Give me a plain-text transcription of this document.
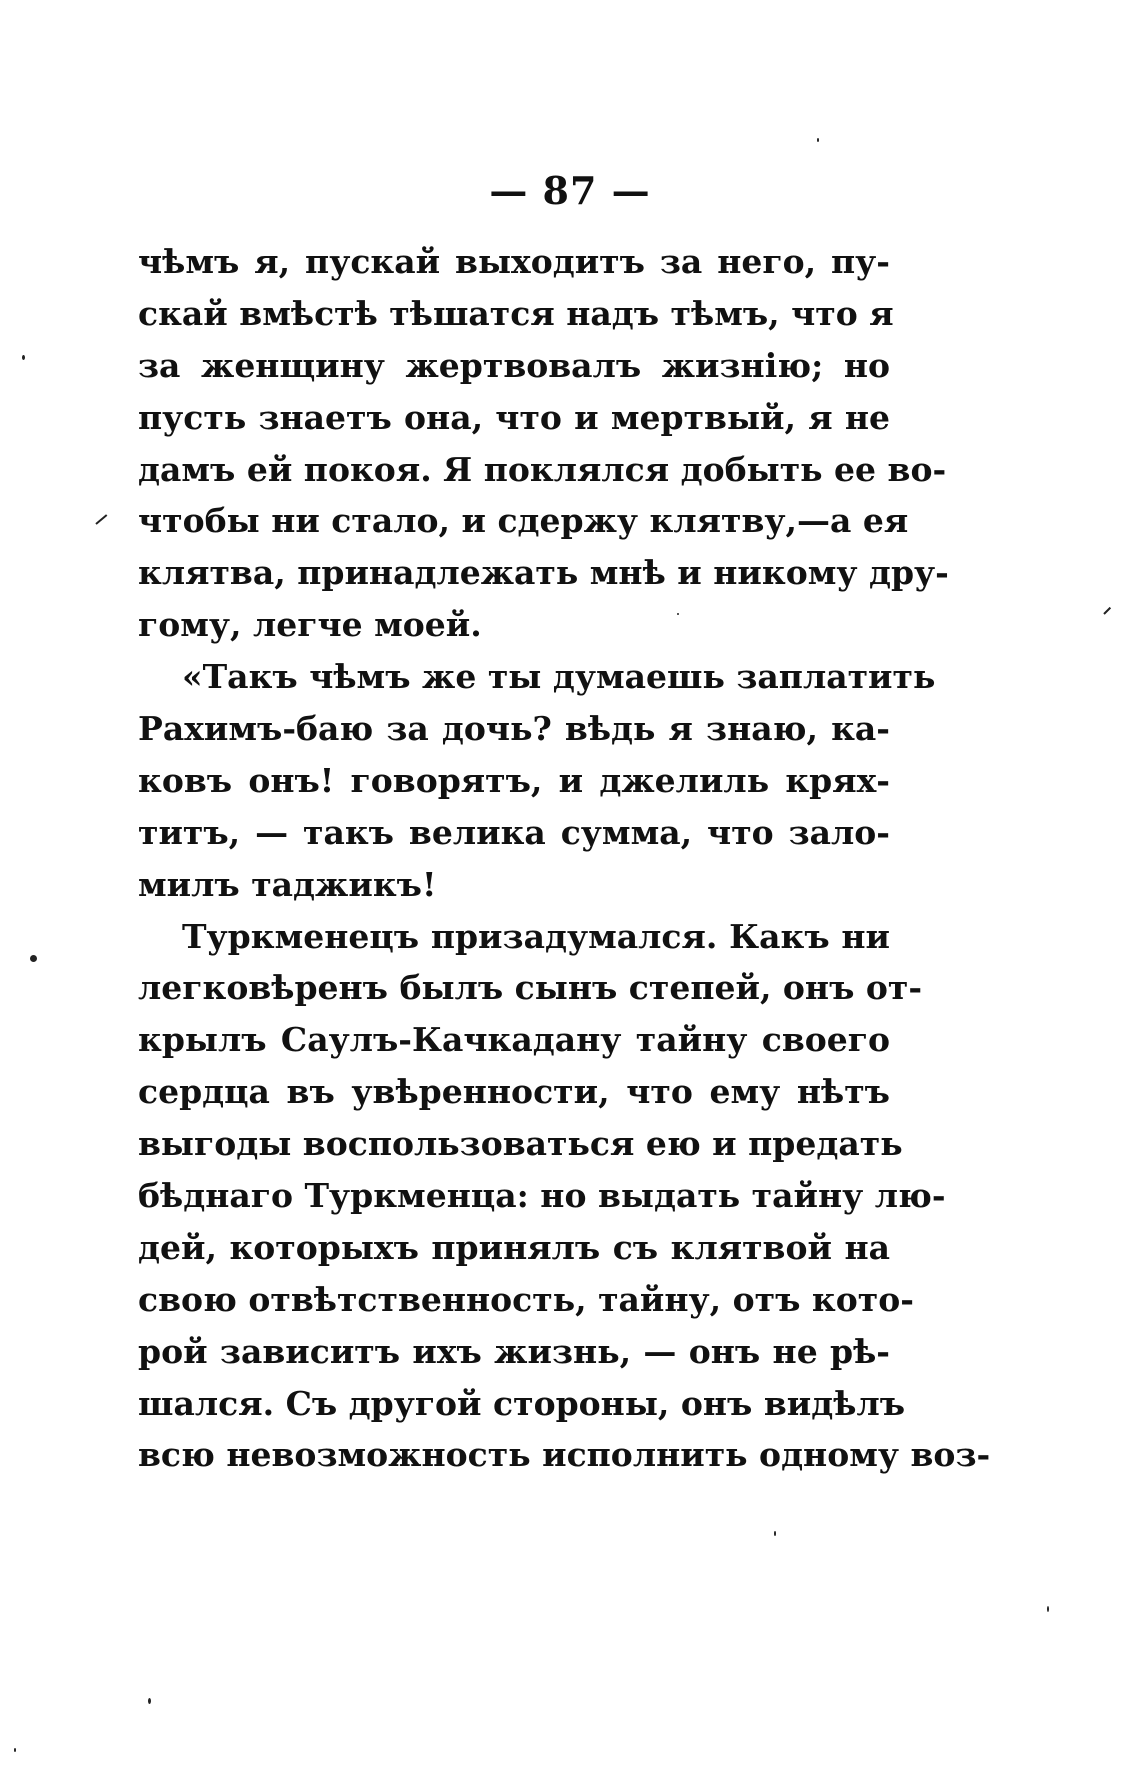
— 87 —
чѣмъ я, пускай выходитъ за него, пу-
скай вмѣстѣ тѣшатся надъ тѣмъ, что я
за женщину жертвовалъ жизнію; но
пусть знаетъ она, что и мертвый, я не
дамъ ей покоя. Я поклялся добыть ее во-
чтобы ни стало, и сдержу клятву,—а ея
клятва, принадлежать мнѣ и никому дру-
гому, легче моей.
«Такъ чѣмъ же ты думаешь заплатить
Рахимъ-баю за дочь? вѣдь я знаю, ка-
ковъ онъ! говорятъ, и джелиль крях-
титъ, — такъ велика сумма, что зало-
милъ таджикъ!
Туркменецъ призадумался. Какъ ни
легковѣренъ былъ сынъ степей, онъ от-
крылъ Саулъ-Качкадану тайну своего
сердца въ увѣренности, что ему нѣтъ
выгоды воспользоваться ею и предать
бѣднаго Туркменца: но выдать тайну лю-
дей, которыхъ принялъ съ клятвой на
свою отвѣтственность, тайну, отъ кото-
рой зависитъ ихъ жизнь, — онъ не рѣ-
шался. Съ другой стороны, онъ видѣлъ
всю невозможность исполнить одному воз-
